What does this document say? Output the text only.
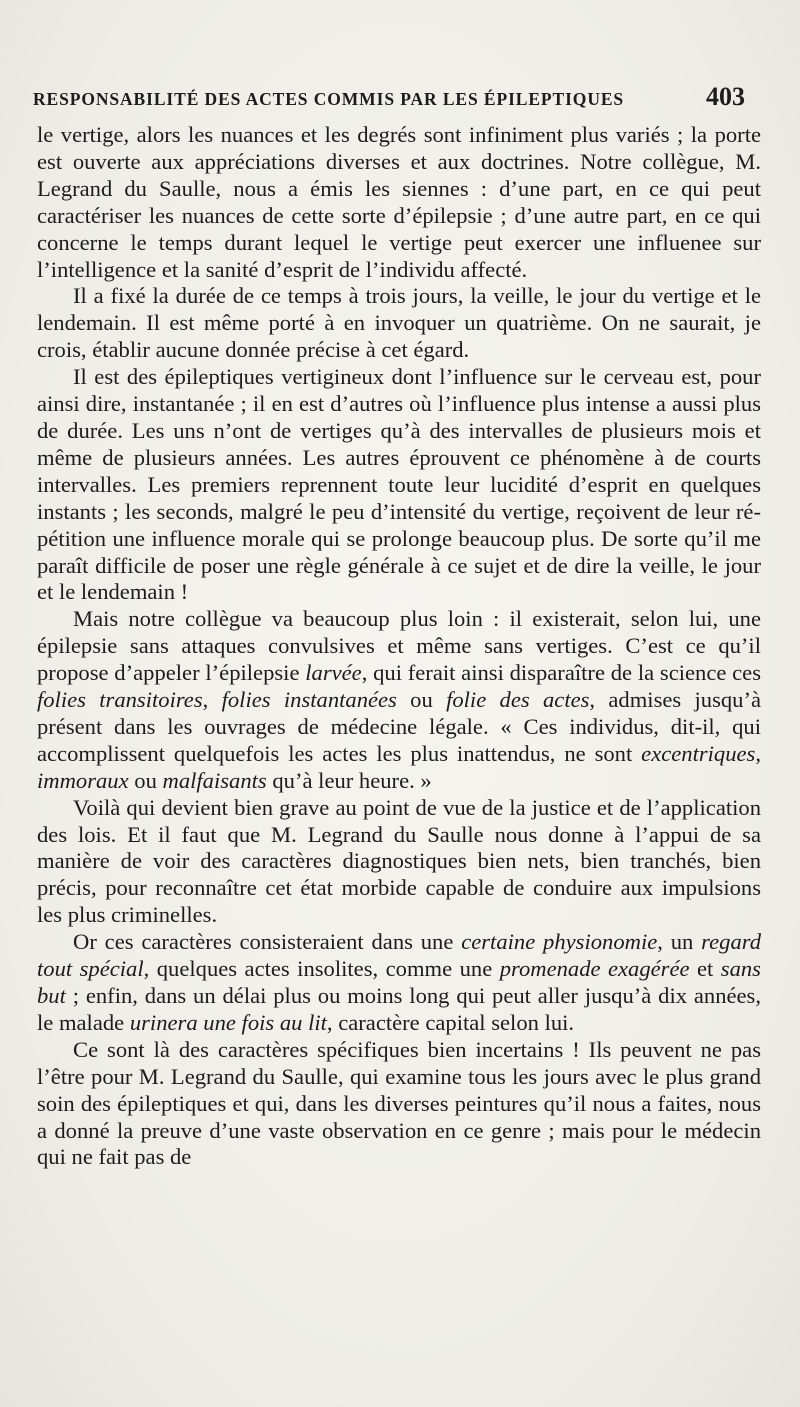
RESPONSABILITÉ DES ACTES COMMIS PAR LES ÉPILEPTIQUES	403

le vertige, alors les nuances et les degrés sont infiniment plus variés ; la porte est ouverte aux appréciations diverses et aux doctrines. Notre collègue, M. Legrand du Saulle, nous a émis les siennes : d’une part, en ce qui peut caractériser les nuances de cette sorte d’épilepsie ; d’une autre part, en ce qui concerne le temps durant lequel le vertige peut exercer une influenee sur l’intelligence et la sanité d’esprit de l’individu affecté.

Il a fixé la durée de ce temps à trois jours, la veille, le jour du vertige et le lendemain. Il est même porté à en invoquer un quatrième. On ne saurait, je crois, établir aucune donnée précise à cet égard.

Il est des épileptiques vertigineux dont l’influence sur le cerveau est, pour ainsi dire, instantanée ; il en est d’autres où l’influence plus intense a aussi plus de durée. Les uns n’ont de vertiges qu’à des intervalles de plusieurs mois et même de plusieurs années. Les autres éprouvent ce phénomène à de courts intervalles. Les premiers reprennent toute leur lucidité d’esprit en quelques instants ; les seconds, malgré le peu d’intensité du vertige, reçoivent de leur répétition une influence morale qui se prolonge beaucoup plus. De sorte qu’il me paraît difficile de poser une règle générale à ce sujet et de dire la veille, le jour et le lendemain !

Mais notre collègue va beaucoup plus loin : il existerait, selon lui, une épilepsie sans attaques convulsives et même sans vertiges. C’est ce qu’il propose d’appeler l’épilepsie larvée, qui ferait ainsi disparaître de la science ces folies transitoires, folies instantanées ou folie des actes, admises jusqu’à présent dans les ouvrages de médecine légale. « Ces individus, dit-il, qui accomplissent quelquefois les actes les plus inattendus, ne sont excentriques, immoraux ou malfaisants qu’à leur heure. »

Voilà qui devient bien grave au point de vue de la justice et de l’application des lois. Et il faut que M. Legrand du Saulle nous donne à l’appui de sa manière de voir des caractères diagnostiques bien nets, bien tranchés, bien précis, pour reconnaître cet état morbide capable de conduire aux impulsions les plus criminelles.

Or ces caractères consisteraient dans une certaine physionomie, un regard tout spécial, quelques actes insolites, comme une promenade exagérée et sans but ; enfin, dans un délai plus ou moins long qui peut aller jusqu’à dix années, le malade urinera une fois au lit, caractère capital selon lui.

Ce sont là des caractères spécifiques bien incertains ! Ils peuvent ne pas l’être pour M. Legrand du Saulle, qui examine tous les jours avec le plus grand soin des épileptiques et qui, dans les diverses peintures qu’il nous a faites, nous a donné la preuve d’une vaste observation en ce genre ; mais pour le médecin qui ne fait pas de
